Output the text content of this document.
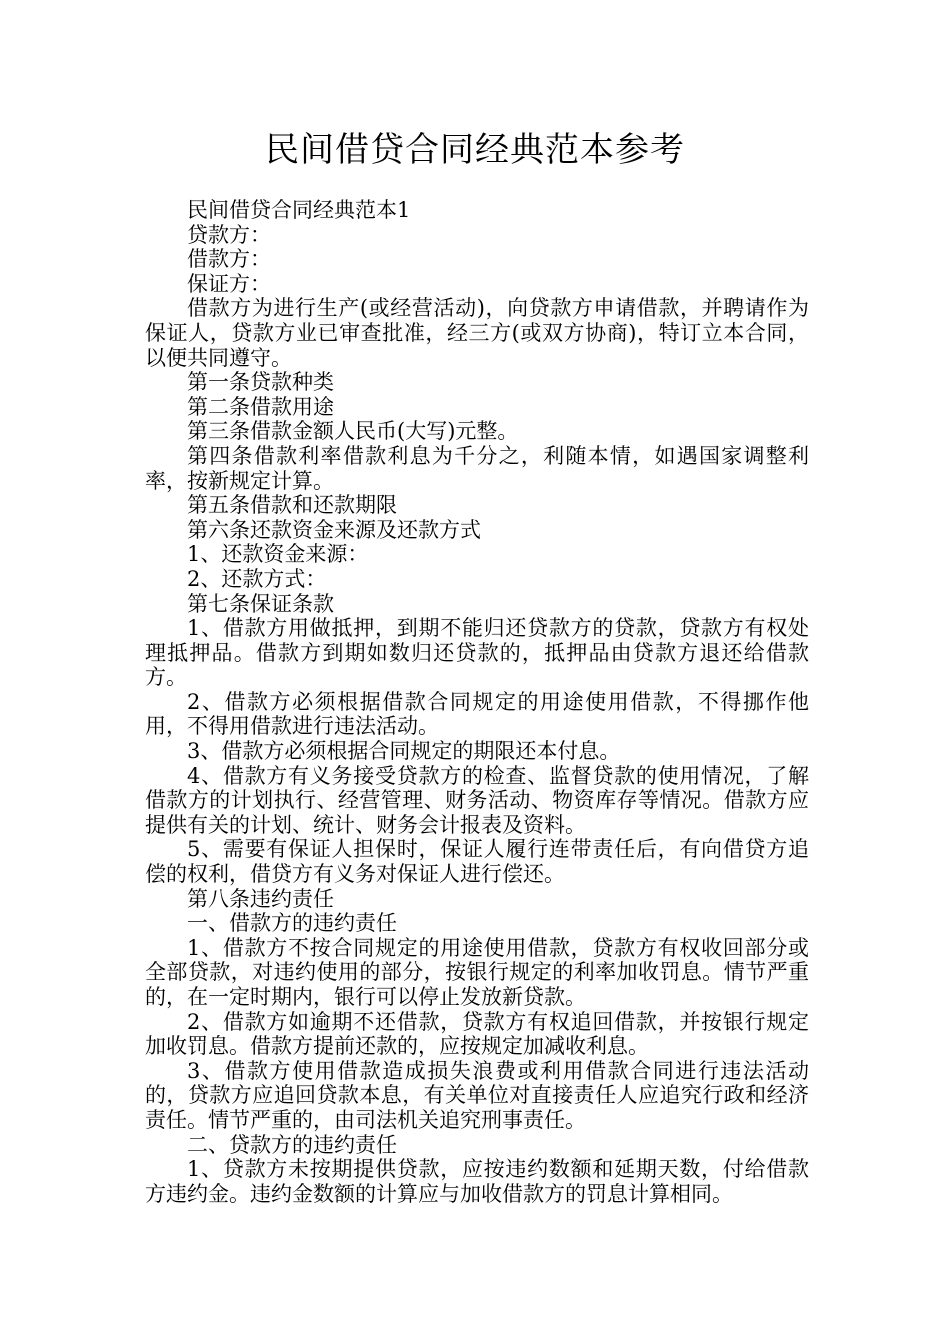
民间借贷合同经典范本参考

民间借贷合同经典范本1

贷款方：

借款方：

保证方：

借款方为进行生产(或经营活动)，向贷款方申请借款，并聘请作为保证人，贷款方业已审查批准，经三方(或双方协商)，特订立本合同，以便共同遵守。

第一条贷款种类

第二条借款用途

第三条借款金额人民币(大写)元整。

第四条借款利率借款利息为千分之，利随本情，如遇国家调整利率，按新规定计算。

第五条借款和还款期限

第六条还款资金来源及还款方式

1、还款资金来源：

2、还款方式：

第七条保证条款

1、借款方用做抵押，到期不能归还贷款方的贷款，贷款方有权处理抵押品。借款方到期如数归还贷款的，抵押品由贷款方退还给借款方。

2、借款方必须根据借款合同规定的用途使用借款，不得挪作他用，不得用借款进行违法活动。

3、借款方必须根据合同规定的期限还本付息。

4、借款方有义务接受贷款方的检查、监督贷款的使用情况，了解借款方的计划执行、经营管理、财务活动、物资库存等情况。借款方应提供有关的计划、统计、财务会计报表及资料。

5、需要有保证人担保时，保证人履行连带责任后，有向借贷方追偿的权利，借贷方有义务对保证人进行偿还。

第八条违约责任

一、借款方的违约责任

1、借款方不按合同规定的用途使用借款，贷款方有权收回部分或全部贷款，对违约使用的部分，按银行规定的利率加收罚息。情节严重的，在一定时期内，银行可以停止发放新贷款。

2、借款方如逾期不还借款，贷款方有权追回借款，并按银行规定加收罚息。借款方提前还款的，应按规定加减收利息。

3、借款方使用借款造成损失浪费或利用借款合同进行违法活动的，贷款方应追回贷款本息，有关单位对直接责任人应追究行政和经济责任。情节严重的，由司法机关追究刑事责任。

二、贷款方的违约责任

1、贷款方未按期提供贷款，应按违约数额和延期天数，付给借款方违约金。违约金数额的计算应与加收借款方的罚息计算相同。
